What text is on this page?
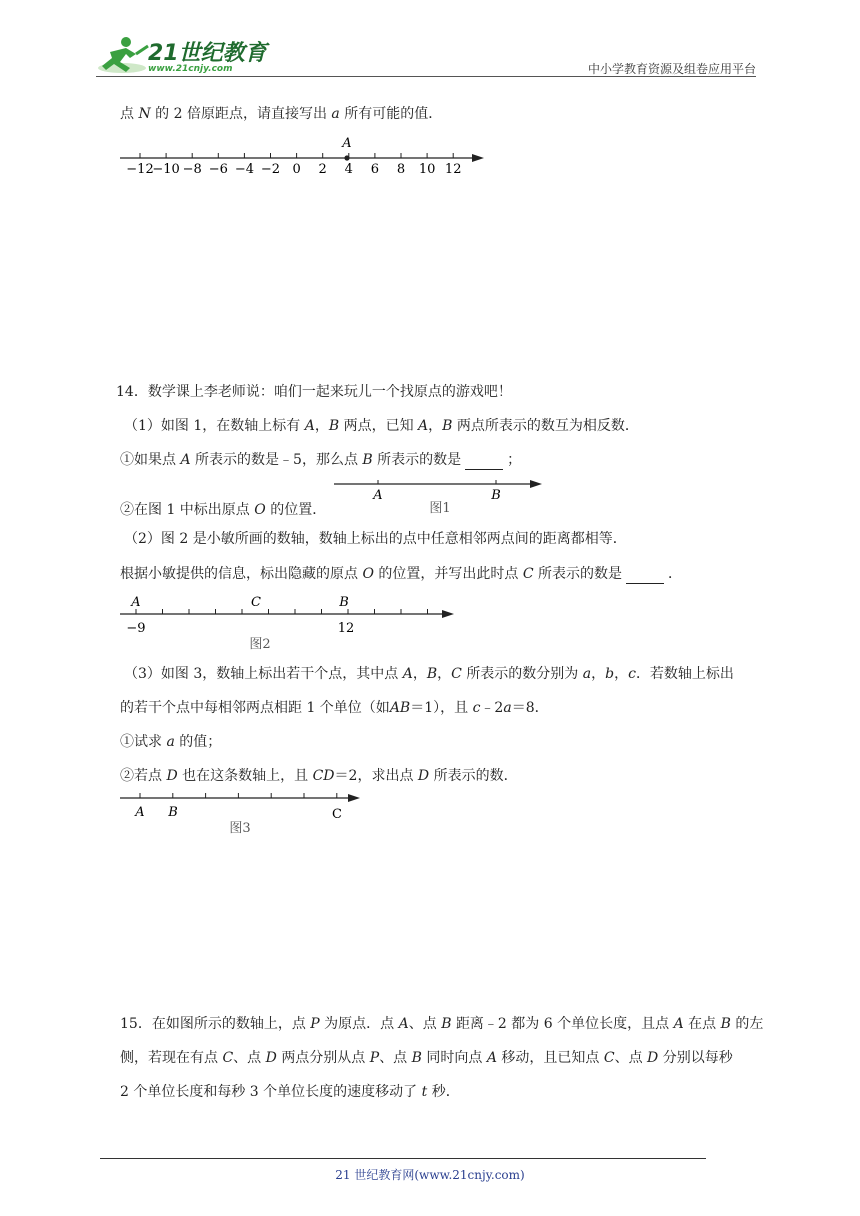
21世纪教育
www.21cnjy.com	中小学教育资源及组卷应用平台
点 N 的 2 倍原距点，请直接写出 a 所有可能的值．
−12
−10 −8 −6 −4 −2 0 2 4 6 8 10 12
A
14．数学课上李老师说：咱们一起来玩儿一个找原点的游戏吧！
（1）如图 1，在数轴上标有 A，B 两点，已知 A，B 两点所表示的数互为相反数．
①如果点 A 所表示的数是﹣5，那么点 B 所表示的数是	；
②在图 1 中标出原点 O 的位置．
A	B
图1
（2）图 2 是小敏所画的数轴，数轴上标出的点中任意相邻两点间的距离都相等．
根据小敏提供的信息，标出隐藏的原点 O 的位置，并写出此时点 C 所表示的数是	．
A	C	B
−9	12
图2
（3）如图 3，数轴上标出若干个点，其中点 A，B，C 所表示的数分别为 a，b，c．若数轴上标出
的若干个点中每相邻两点相距 1 个单位（如AB＝1），且 c﹣2a＝8．
①试求 a 的值；
②若点 D 也在这条数轴上，且 CD＝2，求出点 D 所表示的数．
A B	C
图3
15．在如图所示的数轴上，点 P 为原点．点 A、点 B 距离﹣2 都为 6 个单位长度，且点 A 在点 B 的左
侧，若现在有点 C、点 D 两点分别从点 P、点 B 同时向点 A 移动，且已知点 C、点 D 分别以每秒
2 个单位长度和每秒 3 个单位长度的速度移动了 t 秒．
21 世纪教育网(www.21cnjy.com)
